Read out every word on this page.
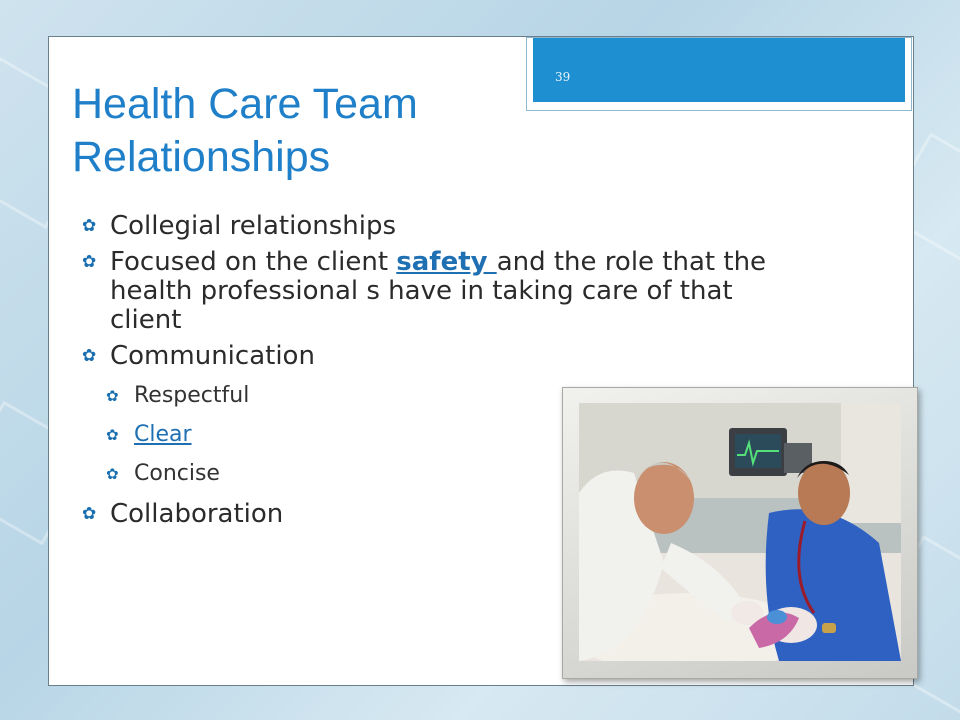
39
Health Care Team
Relationships
✿ Collegial relationships
✿ Focused on the client safety and the role that the health professional s have in taking care of that client
✿ Communication
✿ Respectful
✿ Clear
✿ Concise
✿ Collaboration
